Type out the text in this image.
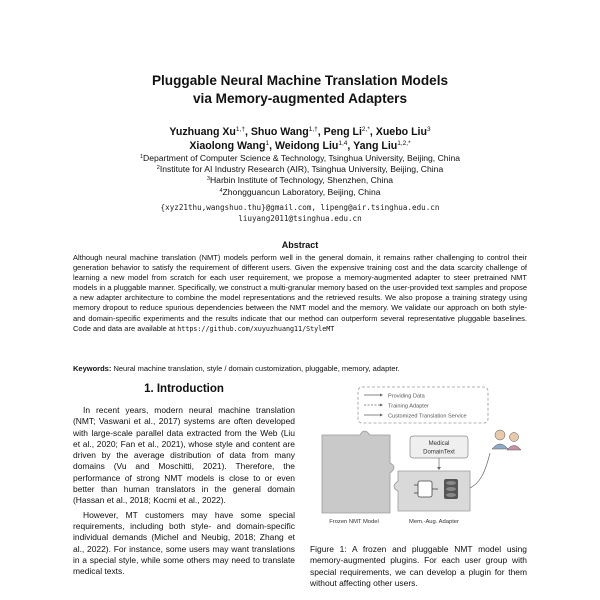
Pluggable Neural Machine Translation Models
via Memory-augmented Adapters
Yuzhuang $Xu^{1,\dagger}$, Shuo Wang$^{1,\dagger}$, Peng $Li^{2,*}$, Xuebo Liu$^3$
Xiaolong Wang$^1$, Weidong Liu$^{1,4}$, Yang Liu$^{1,2,*}$
$^1$Department of Computer Science & Technology, Tsinghua University, Beijing, China
$^2$Institute for AI Industry Research (AIR), Tsinghua University, Beijing, China
$^3$Harbin Institute of Technology, Shenzhen, China
$^4$Zhongguancun Laboratory, Beijing, China
{xyz21thu,wangshuo.thu}@gmail.com, lipeng@air.tsinghua.edu.cn
liuyang2011@tsinghua.edu.cn
Abstract
Although neural machine translation (NMT) models perform well in the general domain, it remains rather challenging to control their generation behavior to satisfy the requirement of different users. Given the expensive training cost and the data scarcity challenge of learning a new model from scratch for each user requirement, we propose a memory-augmented adapter to steer pretrained NMT models in a pluggable manner. Specifically, we construct a multi-granular memory based on the user-provided text samples and propose a new adapter architecture to combine the model representations and the retrieved results. We also propose a training strategy using memory dropout to reduce spurious dependencies between the NMT model and the memory. We validate our approach on both style- and domain-specific experiments and the results indicate that our method can outperform several representative pluggable baselines. Code and data are available at https://github.com/xuyuzhuang11/StyleMT
Keywords: Neural machine translation, style / domain customization, pluggable, memory, adapter.
1. Introduction

In recent years, modern neural machine translation (NMT; Vaswani et al., 2017) systems are often developed with large-scale parallel data extracted from the Web (Liu et al., 2020; Fan et al., 2021), whose style and content are driven by the average distribution of data from many domains (Vu and Moschitti, 2021). Therefore, the performance of strong NMT models is close to or even better than human translators in the general domain (Hassan et al., 2018; Kocmi et al., 2022).

However, MT customers may have some special requirements, including both style- and domain-specific individual demands (Michel and Neubig, 2018; Zhang et al., 2022). For instance, some users may want translations in a special style, while some others may need to translate medical texts.

Providing Data
Training Adapter
Customized Translation Service
Medical
DomainText
Frozen NMT Model	Mem.-Aug. Adapter
Figure 1: A frozen and pluggable NMT model using memory-augmented plugins. For each user group with special requirements, we can develop a plugin for them without affecting other users.
